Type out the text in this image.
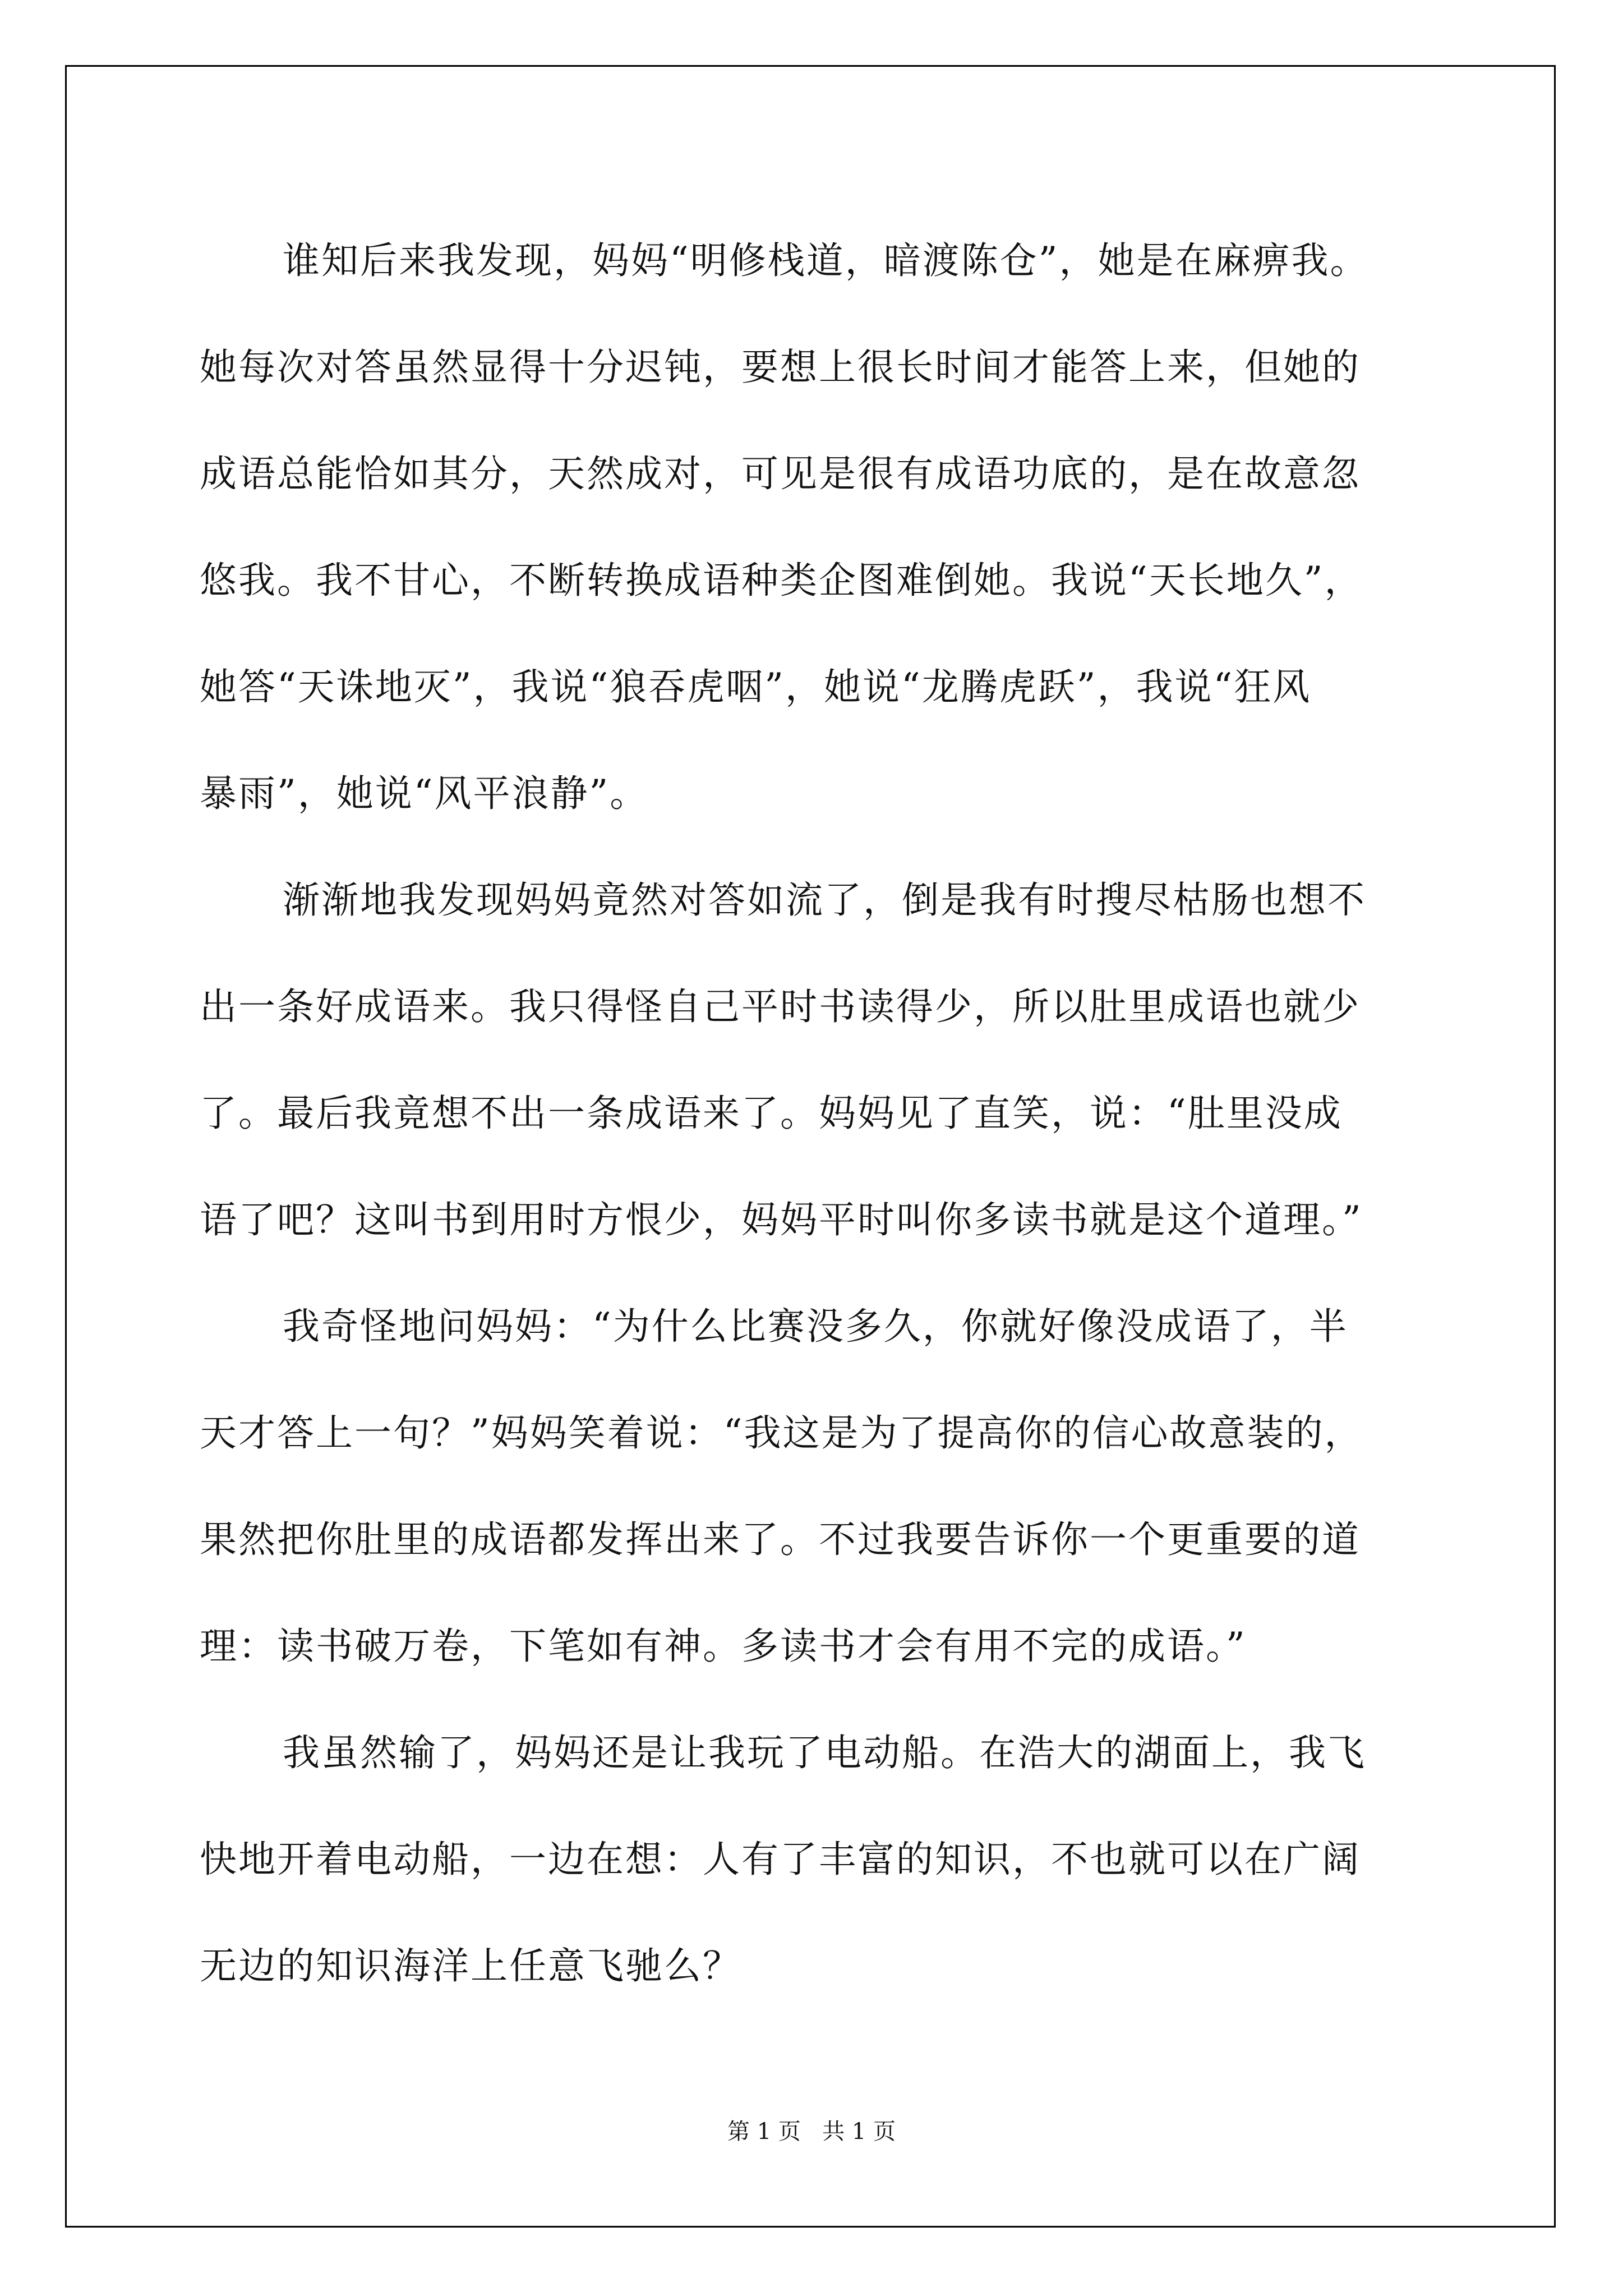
谁知后来我发现，妈妈“明修栈道，暗渡陈仓”，她是在麻痹我。
她每次对答虽然显得十分迟钝，要想上很长时间才能答上来，但她的
成语总能恰如其分，天然成对，可见是很有成语功底的，是在故意忽
悠我。我不甘心，不断转换成语种类企图难倒她。我说“天长地久”，
她答“天诛地灭”，我说“狼吞虎咽”，她说“龙腾虎跃”，我说“狂风
暴雨”，她说“风平浪静”。
渐渐地我发现妈妈竟然对答如流了，倒是我有时搜尽枯肠也想不
出一条好成语来。我只得怪自己平时书读得少，所以肚里成语也就少
了。最后我竟想不出一条成语来了。妈妈见了直笑，说：“肚里没成
语了吧？这叫书到用时方恨少，妈妈平时叫你多读书就是这个道理。”
我奇怪地问妈妈：“为什么比赛没多久，你就好像没成语了，半
天才答上一句？”妈妈笑着说：“我这是为了提高你的信心故意装的，
果然把你肚里的成语都发挥出来了。不过我要告诉你一个更重要的道
理：读书破万卷，下笔如有神。多读书才会有用不完的成语。”
我虽然输了，妈妈还是让我玩了电动船。在浩大的湖面上，我飞
快地开着电动船，一边在想：人有了丰富的知识，不也就可以在广阔
无边的知识海洋上任意飞驰么？
第 1 页 共 1 页
